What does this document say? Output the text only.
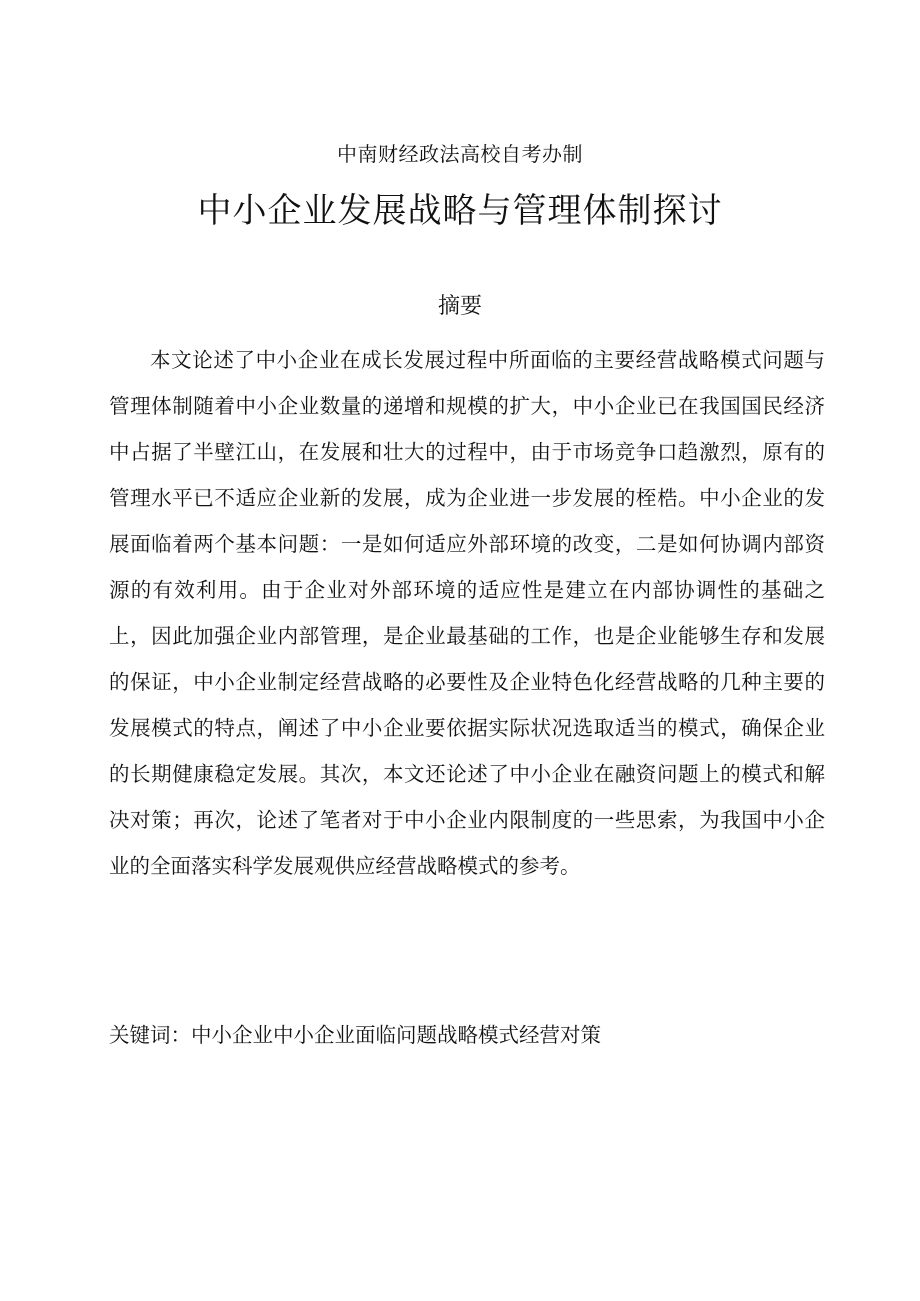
中南财经政法高校自考办制
中小企业发展战略与管理体制探讨
摘要

本文论述了中小企业在成长发展过程中所面临的主要经营战略模式问题与管理体制随着中小企业数量的递增和规模的扩大，中小企业已在我国国民经济中占据了半壁江山，在发展和壮大的过程中，由于市场竞争口趋激烈，原有的管理水平已不适应企业新的发展，成为企业进一步发展的桎梏。中小企业的发展面临着两个基本问题：一是如何适应外部环境的改变，二是如何协调内部资源的有效利用。由于企业对外部环境的适应性是建立在内部协调性的基础之上，因此加强企业内部管理，是企业最基础的工作，也是企业能够生存和发展的保证，中小企业制定经营战略的必要性及企业特色化经营战略的几种主要的发展模式的特点，阐述了中小企业要依据实际状况选取适当的模式，确保企业的长期健康稳定发展。其次，本文还论述了中小企业在融资问题上的模式和解决对策；再次，论述了笔者对于中小企业内限制度的一些思索，为我国中小企业的全面落实科学发展观供应经营战略模式的参考。

关键词：中小企业中小企业面临问题战略模式经营对策
